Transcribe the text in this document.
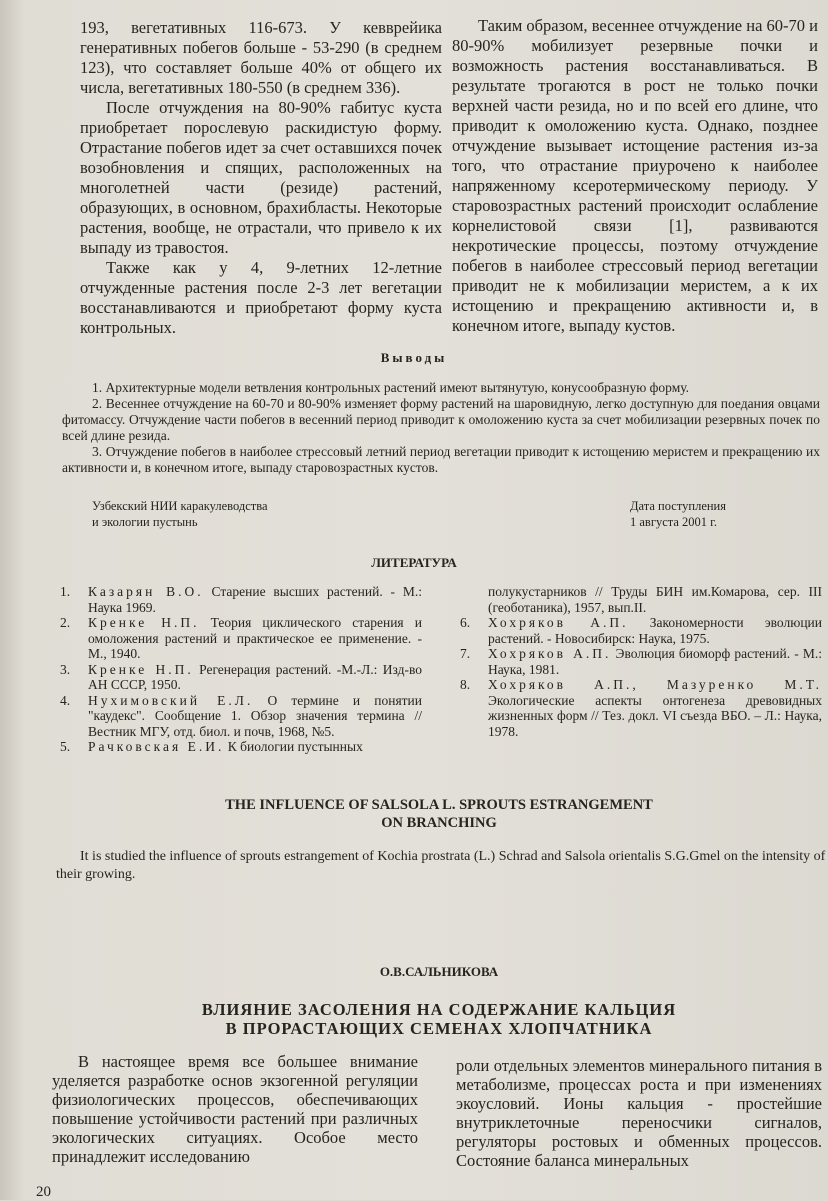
193, вегетативных 116-673. У кевврейика генеративных побегов больше - 53-290 (в среднем 123), что составляет больше 40% от общего их числа, вегетативных 180-550 (в среднем 336).

После отчуждения на 80-90% габитус куста приобретает порослевую раскидистую форму. Отрастание побегов идет за счет оставшихся почек возобновления и спящих, расположенных на многолетней части (резиде) растений, образующих, в основном, брахибласты. Некоторые растения, вообще, не отрастали, что привело к их выпаду из травостоя.

Также как у 4, 9-летних 12-летние отчужденные растения после 2-3 лет вегетации восстанавливаются и приобретают форму куста контрольных.

Таким образом, весеннее отчуждение на 60-70 и 80-90% мобилизует резервные почки и возможность растения восстанавливаться. В результате трогаются в рост не только почки верхней части резида, но и по всей его длине, что приводит к омоложению куста. Однако, позднее отчуждение вызывает истощение растения из-за того, что отрастание приурочено к наиболее напряженному ксеротермическому периоду. У старовозрастных растений происходит ослабление корнелистовой связи [1], развиваются некротические процессы, поэтому отчуждение побегов в наиболее стрессовый период вегетации приводит не к мобилизации меристем, а к их истощению и прекращению активности и, в конечном итоге, выпаду кустов.

Выводы

1. Архитектурные модели ветвления контрольных растений имеют вытянутую, конусообразную форму.

2. Весеннее отчуждение на 60-70 и 80-90% изменяет форму растений на шаровидную, легко доступную для поедания овцами фитомассу. Отчуждение части побегов в весенний период приводит к омоложению куста за счет мобилизации резервных почек по всей длине резида.

3. Отчуждение побегов в наиболее стрессовый летний период вегетации приводит к истощению меристем и прекращению их активности и, в конечном итоге, выпаду старовозрастных кустов.

Узбекский НИИ каракулеводства
и экологии пустынь
Дата поступления
1 августа 2001 г.
ЛИТЕРАТУРА
1. Казарян В.О. Старение высших растений. - М.: Наука 1969.
2. Кренке Н.П. Теория циклического старения и омоложения растений и практическое ее применение. - М., 1940.
3. Кренке Н.П. Регенерация растений. -М.-Л.: Изд-во АН СССР, 1950.
4. Нухимовский Е.Л. О термине и понятии "каудекс". Сообщение 1. Обзор значения термина // Вестник МГУ, отд. биол. и почв, 1968, №5.
5. Рачковская Е.И. К биологии пустынных
полукустарников // Труды БИН им.Комарова, сер. III (геоботаника), 1957, вып.II.
6. Хохряков А.П. Закономерности эволюции растений. - Новосибирск: Наука, 1975.
7. Хохряков А.П. Эволюция биоморф растений. - М.: Наука, 1981.
8. Хохряков А.П., Мазуренко М.Т. Экологические аспекты онтогенеза древовидных жизненных форм // Тез. докл. VI съезда ВБО. – Л.: Наука, 1978.
THE INFLUENCE OF SALSOLA L. SPROUTS ESTRANGEMENT
ON BRANCHING
It is studied the influence of sprouts estrangement of Kochia prostrata (L.) Schrad and Salsola orientalis S.G.Gmel on the intensity of their growing.
О.В.САЛЬНИКОВА
ВЛИЯНИЕ ЗАСОЛЕНИЯ НА СОДЕРЖАНИЕ КАЛЬЦИЯ
В ПРОРАСТАЮЩИХ СЕМЕНАХ ХЛОПЧАТНИКА

В настоящее время все большее внимание уделяется разработке основ экзогенной регуляции физиологических процессов, обеспечивающих повышение устойчивости растений при различных экологических ситуациях. Особое место принадлежит исследованию

роли отдельных элементов минерального питания в метаболизме, процессах роста и при изменениях экоусловий. Ионы кальция - простейшие внутриклеточные переносчики сигналов, регуляторы ростовых и обменных процессов. Состояние баланса минеральных

20
